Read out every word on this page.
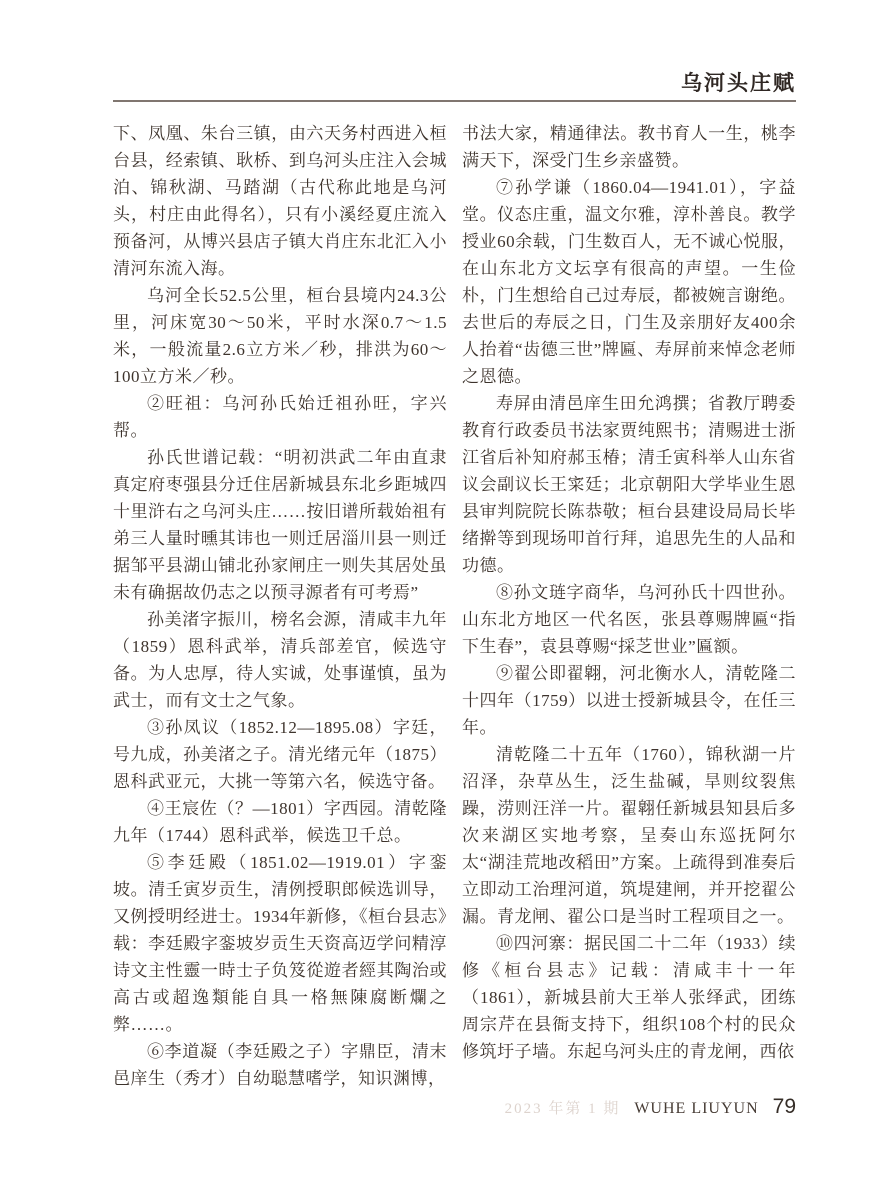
乌河头庄赋

下、凤凰、朱台三镇，由六天务村西进入桓台县，经索镇、耿桥、到乌河头庄注入会城泊、锦秋湖、马踏湖（古代称此地是乌河头，村庄由此得名），只有小溪经夏庄流入预备河，从博兴县店子镇大肖庄东北汇入小清河东流入海。

乌河全长52.5公里，桓台县境内24.3公里，河床宽30～50米，平时水深0.7～1.5米，一般流量2.6立方米／秒，排洪为60～100立方米／秒。

②旺祖：乌河孙氏始迁祖孙旺，字兴帮。

孙氏世谱记载：“明初洪武二年由直隶真定府枣强县分迁住居新城县东北乡距城四十里浒右之乌河头庄……按旧谱所载始祖有弟三人量时曛其讳也一则迁居淄川县一则迁据邹平县湖山铺北孙家闸庄一则失其居处虽未有确据故仍志之以预寻源者有可考焉”

孙美渚字振川，榜名会源，清咸丰九年（1859）恩科武举，清兵部差官，候选守备。为人忠厚，待人实诚，处事谨慎，虽为武士，而有文士之气象。

③孙凤议（1852.12—1895.08）字廷，号九成，孙美渚之子。清光绪元年（1875）恩科武亚元，大挑一等第六名，候选守备。

④王宸佐（？—1801）字西园。清乾隆九年（1744）恩科武举，候选卫千总。

⑤李廷殿（1851.02—1919.01）字銮坡。清壬寅岁贡生，清例授职郎候选训导，又例授明经进士。1934年新修，《桓台县志》载：李廷殿字銮坡岁贡生天资高迈学问精淳诗文主性靈一時士子负笈從遊者經其陶治或高古或超逸類能自具一格無陳腐断爛之弊……。

⑥李道凝（李廷殿之子）字鼎臣，清末邑庠生（秀才）自幼聪慧嗜学，知识渊博，

书法大家，精通律法。教书育人一生，桃李满天下，深受门生乡亲盛赞。

⑦孙学谦（1860.04—1941.01），字益堂。仪态庄重，温文尔雅，淳朴善良。教学授业60余载，门生数百人，无不诚心悦服，在山东北方文坛享有很高的声望。一生俭朴，门生想给自己过寿辰，都被婉言谢绝。去世后的寿辰之日，门生及亲朋好友400余人抬着“齿德三世”牌匾、寿屏前来悼念老师之恩德。

寿屏由清邑庠生田允鸿撰；省教厅聘委教育行政委员书法家贾纯熙书；清赐进士浙江省后补知府郝玉椿；清壬寅科举人山东省议会副议长王寀廷；北京朝阳大学毕业生恩县审判院院长陈恭敬；桓台县建设局局长毕绪擀等到现场叩首行拜，追思先生的人品和功德。

⑧孙文琏字商华，乌河孙氏十四世孙。山东北方地区一代名医，张县尊赐牌匾“指下生春”，袁县尊赐“採芝世业”匾额。

⑨翟公即翟翺，河北衡水人，清乾隆二十四年（1759）以进士授新城县令，在任三年。

清乾隆二十五年（1760），锦秋湖一片沼泽，杂草丛生，泛生盐碱，旱则纹裂焦躁，涝则汪洋一片。翟翺任新城县知县后多次来湖区实地考察，呈奏山东巡抚阿尔太“湖洼荒地改稻田”方案。上疏得到准奏后立即动工治理河道，筑堤建闸，并开挖翟公漏。青龙闸、翟公口是当时工程项目之一。

⑩四河寨：据民国二十二年（1933）续修《桓台县志》记载：清咸丰十一年（1861），新城县前大王举人张绎武，团练周宗芹在县衙支持下，组织108个村的民众修筑圩子墙。东起乌河头庄的青龙闸，西依

2023 年第 1 期 WUHE LIUYUN 79
